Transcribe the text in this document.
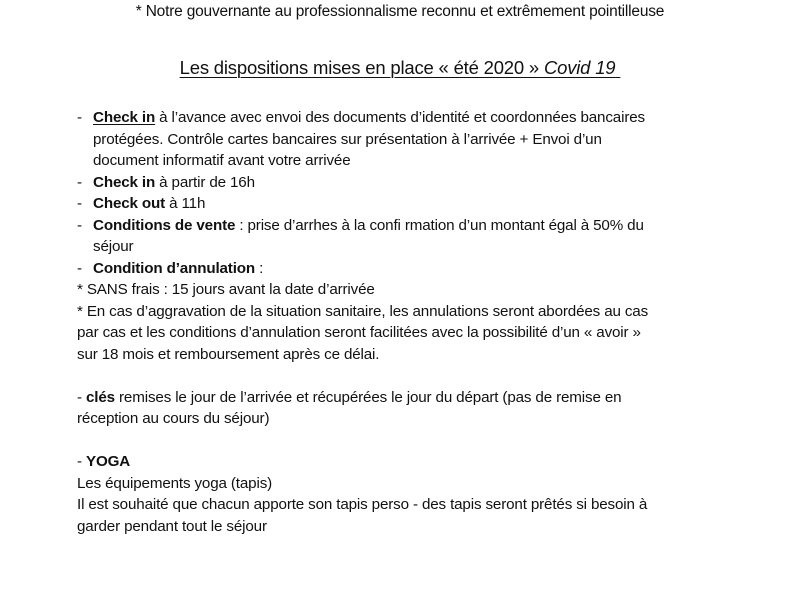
* Notre gouvernante au professionnalisme reconnu et extrêmement pointilleuse
Les dispositions mises en place « été 2020 » Covid 19
- Check in à l’avance avec envoi des documents d’identité et coordonnées bancaires
protégées. Contrôle cartes bancaires sur présentation à l’arrivée + Envoi d’un
document informatif avant votre arrivée
- Check in à partir de 16h
- Check out à 11h
- Conditions de vente : prise d’arrhes à la confi rmation d’un montant égal à 50% du
séjour
- Condition d’annulation :
* SANS frais : 15 jours avant la date d’arrivée
* En cas d’aggravation de la situation sanitaire, les annulations seront abordées au cas
par cas et les conditions d’annulation seront facilitées avec la possibilité d’un « avoir »
sur 18 mois et remboursement après ce délai.
- clés remises le jour de l’arrivée et récupérées le jour du départ (pas de remise en
réception au cours du séjour)
- YOGA
Les équipements yoga (tapis)
Il est souhaité que chacun apporte son tapis perso - des tapis seront prêtés si besoin à
garder pendant tout le séjour
